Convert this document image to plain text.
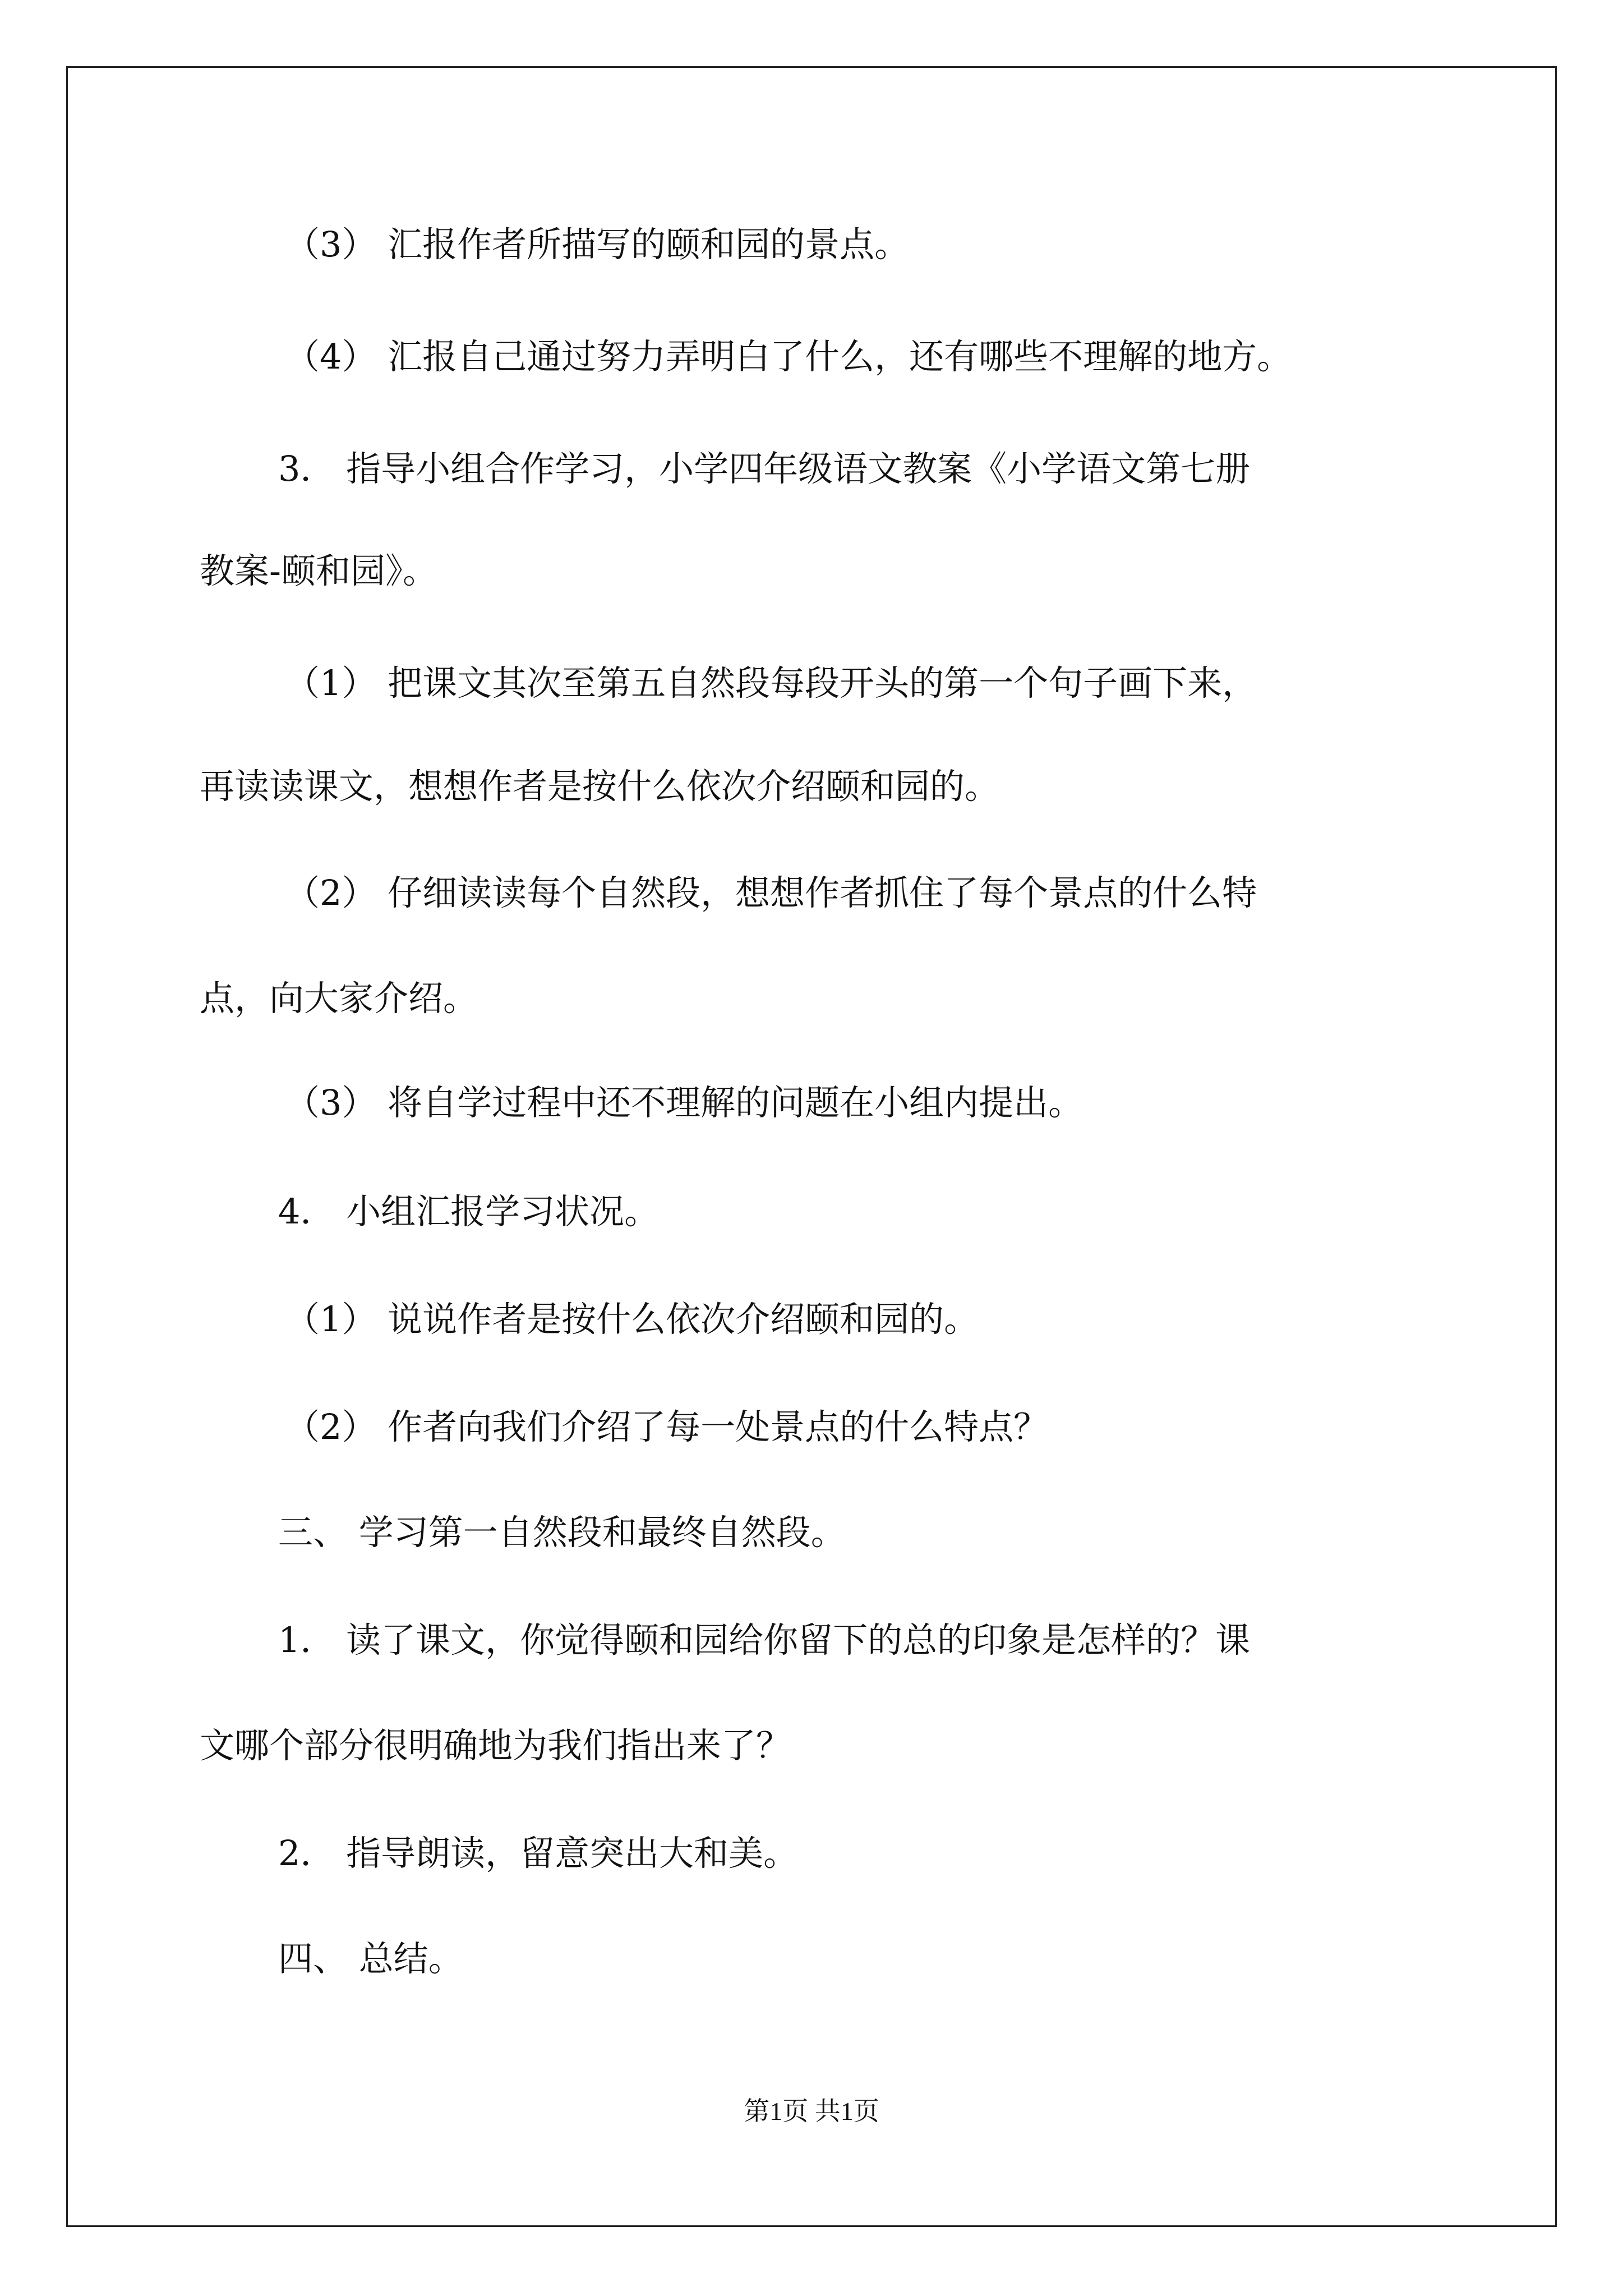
（3） 汇报作者所描写的颐和园的景点。
（4） 汇报自己通过努力弄明白了什么，还有哪些不理解的地方。
3． 指导小组合作学习，小学四年级语文教案《小学语文第七册
教案-颐和园》。
（1） 把课文其次至第五自然段每段开头的第一个句子画下来，
再读读课文，想想作者是按什么依次介绍颐和园的。
（2） 仔细读读每个自然段，想想作者抓住了每个景点的什么特
点，向大家介绍。
（3） 将自学过程中还不理解的问题在小组内提出。
4． 小组汇报学习状况。
（1） 说说作者是按什么依次介绍颐和园的。
（2） 作者向我们介绍了每一处景点的什么特点？
三、 学习第一自然段和最终自然段。
1． 读了课文，你觉得颐和园给你留下的总的印象是怎样的？课
文哪个部分很明确地为我们指出来了？
2． 指导朗读，留意突出大和美。
四、 总结。
第1页 共1页
